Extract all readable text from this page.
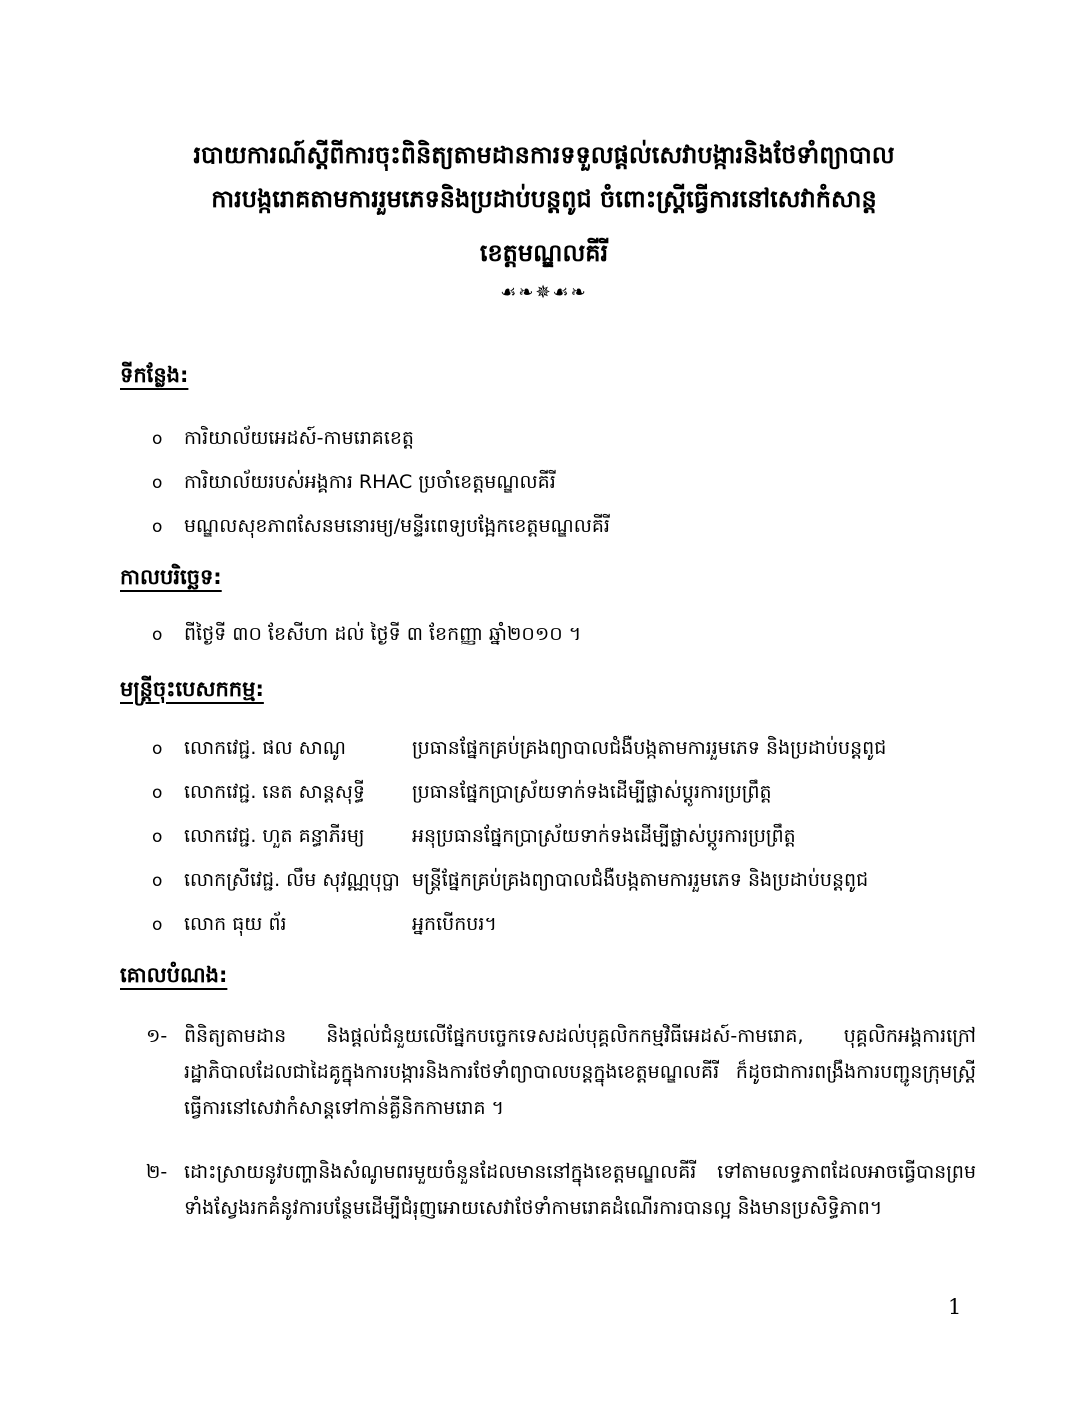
របាយការណ៍ស្តីពីការចុះពិនិត្យតាមដានការទទួលផ្តល់សេវាបង្ការនិងថែទាំព្យាបាល
ការបង្ករោគតាមការរួមភេទនិងប្រដាប់បន្តពូជ ចំពោះស្រ្តីធ្វើការនៅសេវាកំសាន្ត
ខេត្តមណ្ឌលគីរី
☙❧✵☙❧
ទីកន្លែង:
o ការិយាល័យអេដស៍-កាមរោគខេត្ត
o ការិយាល័យរបស់អង្គការ RHAC ប្រចាំខេត្តមណ្ឌលគីរី
o មណ្ឌលសុខភាពសែនមនោរម្យ/មន្ទីរពេទ្យបង្អែកខេត្តមណ្ឌលគីរី
កាលបរិច្ឆេទ:
o ពីថ្ងៃទី ៣០ ខែសីហា ដល់ ថ្ងៃទី ៣ ខែកញ្ញា ឆ្នាំ២០១០ ។
មន្ត្រីចុះបេសកកម្ម:
o លោកវេជ្ជ. ផល សាណូ	ប្រធានផ្នែកគ្រប់គ្រងព្យាបាលជំងឺបង្កតាមការរួមភេទ និងប្រដាប់បន្តពូជ
o លោកវេជ្ជ. នេត សាន្តសុទ្ធី ប្រធានផ្នែកប្រាស្រ័យទាក់ទងដើម្បីផ្លាស់ប្តូរការប្រព្រឹត្ត
o លោកវេជ្ជ. ហួត គន្ធាភីរម្យ អនុប្រធានផ្នែកប្រាស្រ័យទាក់ទងដើម្បីផ្លាស់ប្តូរការប្រព្រឹត្ត
o លោកស្រីវេជ្ជ. លឹម សុវណ្ណបុប្ផា មន្ត្រីផ្នែកគ្រប់គ្រងព្យាបាលជំងឺបង្កតាមការរួមភេទ និងប្រដាប់បន្តពូជ
o លោក ធុយ ព័រ	អ្នកបើកបរ។
គោលបំណង:
១- ពិនិត្យតាមដាន និងផ្តល់ជំនួយលើផ្នែកបច្ចេកទេសដល់បុគ្គលិកកម្មវិធីអេដស៍-កាមរោគ, បុគ្គលិកអង្គការក្រៅរដ្ឋាភិបាលដែលជាដៃគូក្នុងការបង្ការនិងការថែទាំព្យាបាលបន្តក្នុងខេត្តមណ្ឌលគីរី ក៏ដូចជាការពង្រឹងការបញ្ជូនក្រុមស្រ្តីធ្វើការនៅសេវាកំសាន្តទៅកាន់គ្លីនិកកាមរោគ ។
២- ដោះស្រាយនូវបញ្ហានិងសំណូមពរមួយចំនួនដែលមាននៅក្នុងខេត្តមណ្ឌលគីរី ទៅតាមលទ្ធភាពដែលអាចធ្វើបានព្រមទាំងស្វែងរកគំនូវការបន្ថែមដើម្បីជំរុញអោយសេវាថែទាំកាមរោគដំណើរការបានល្អ និងមានប្រសិទ្ធិភាព។
1
